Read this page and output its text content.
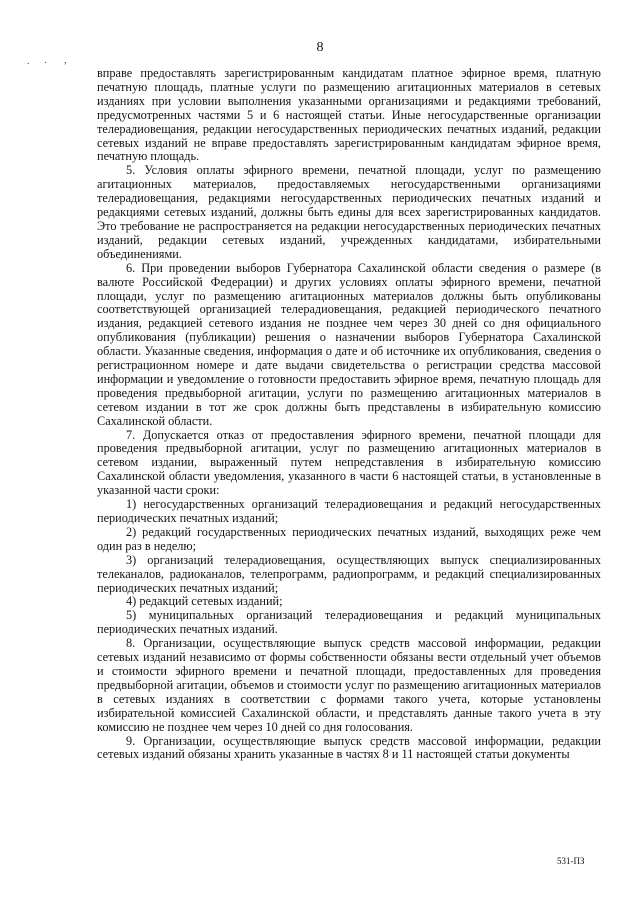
. · ,
8

вправе предоставлять зарегистрированным кандидатам платное эфирное время, платную печатную площадь, платные услуги по размещению агитационных материалов в сетевых изданиях при условии выполнения указанными организациями и редакциями требований, предусмотренных частями 5 и 6 настоящей статьи. Иные негосударственные организации телерадиовещания, редакции негосударственных периодических печатных изданий, редакции сетевых изданий не вправе предоставлять зарегистрированным кандидатам эфирное время, печатную площадь.

5. Условия оплаты эфирного времени, печатной площади, услуг по размещению агитационных материалов, предоставляемых негосударственными организациями телерадиовещания, редакциями негосударственных периодических печатных изданий и редакциями сетевых изданий, должны быть едины для всех зарегистрированных кандидатов. Это требование не распространяется на редакции негосударственных периодических печатных изданий, редакции сетевых изданий, учрежденных кандидатами, избирательными объединениями.

6. При проведении выборов Губернатора Сахалинской области сведения о размере (в валюте Российской Федерации) и других условиях оплаты эфирного времени, печатной площади, услуг по размещению агитационных материалов должны быть опубликованы соответствующей организацией телерадиовещания, редакцией периодического печатного издания, редакцией сетевого издания не позднее чем через 30 дней со дня официального опубликования (публикации) решения о назначении выборов Губернатора Сахалинской области. Указанные сведения, информация о дате и об источнике их опубликования, сведения о регистрационном номере и дате выдачи свидетельства о регистрации средства массовой информации и уведомление о готовности предоставить эфирное время, печатную площадь для проведения предвыборной агитации, услуги по размещению агитационных материалов в сетевом издании в тот же срок должны быть представлены в избирательную комиссию Сахалинской области.

7. Допускается отказ от предоставления эфирного времени, печатной площади для проведения предвыборной агитации, услуг по размещению агитационных материалов в сетевом издании, выраженный путем непредставления в избирательную комиссию Сахалинской области уведомления, указанного в части 6 настоящей статьи, в установленные в указанной части сроки:

1) негосударственных организаций телерадиовещания и редакций негосударственных периодических печатных изданий;

2) редакций государственных периодических печатных изданий, выходящих реже чем один раз в неделю;

3) организаций телерадиовещания, осуществляющих выпуск специализированных телеканалов, радиоканалов, телепрограмм, радиопрограмм, и редакций специализированных периодических печатных изданий;

4) редакций сетевых изданий;

5) муниципальных организаций телерадиовещания и редакций муниципальных периодических печатных изданий.

8. Организации, осуществляющие выпуск средств массовой информации, редакции сетевых изданий независимо от формы собственности обязаны вести отдельный учет объемов и стоимости эфирного времени и печатной площади, предоставленных для проведения предвыборной агитации, объемов и стоимости услуг по размещению агитационных материалов в сетевых изданиях в соответствии с формами такого учета, которые установлены избирательной комиссией Сахалинской области, и представлять данные такого учета в эту комиссию не позднее чем через 10 дней со дня голосования.

9. Организации, осуществляющие выпуск средств массовой информации, редакции сетевых изданий обязаны хранить указанные в частях 8 и 11 настоящей статьи документы

531-ПЗ
